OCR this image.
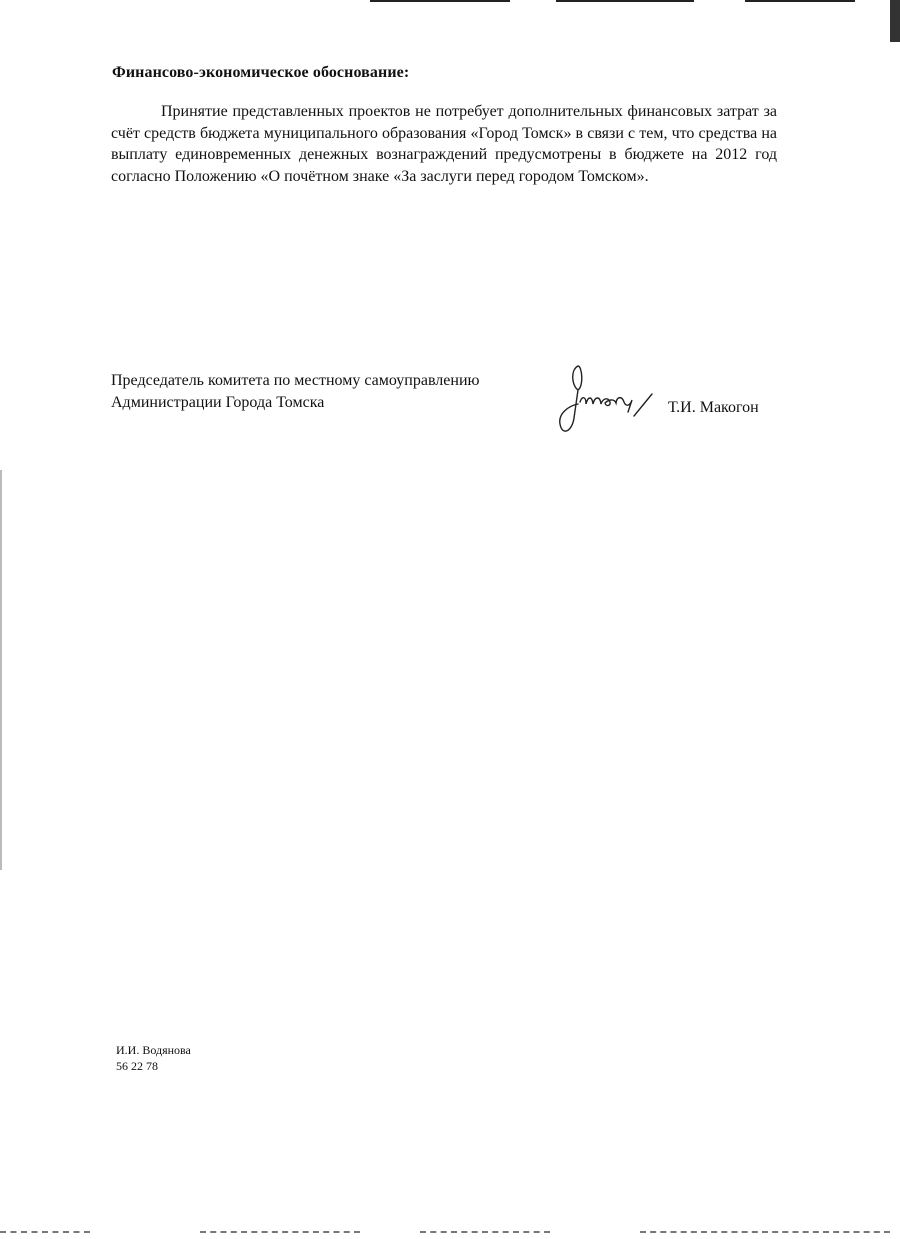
Финансово-экономическое обоснование:

Принятие представленных проектов не потребует дополнительных финансовых затрат за счёт средств бюджета муниципального образования «Город Томск» в связи с тем, что средства на выплату единовременных денежных вознаграждений предусмотрены в бюджете на 2012 год согласно Положению «О почётном знаке «За заслуги перед городом Томском».

Председатель комитета по местному самоуправлению
Администрации Города Томска	Т.И. Макогон
И.И. Водянова
56 22 78
